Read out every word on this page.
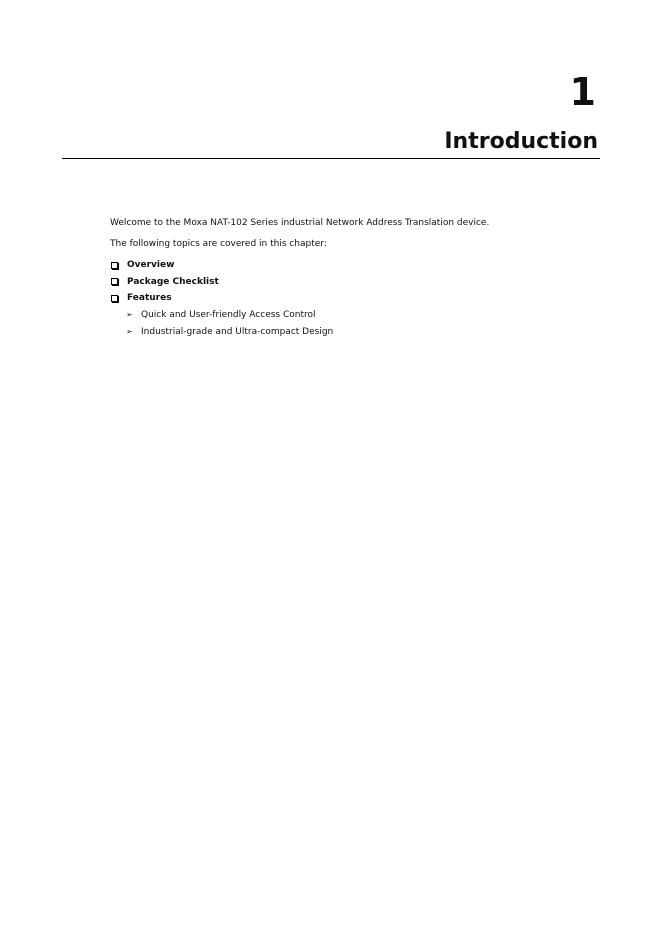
1
Introduction

Welcome to the Moxa NAT-102 Series industrial Network Address Translation device.

The following topics are covered in this chapter:

Overview
Package Checklist
Features
➢ Quick and User-friendly Access Control
➢ Industrial-grade and Ultra-compact Design
